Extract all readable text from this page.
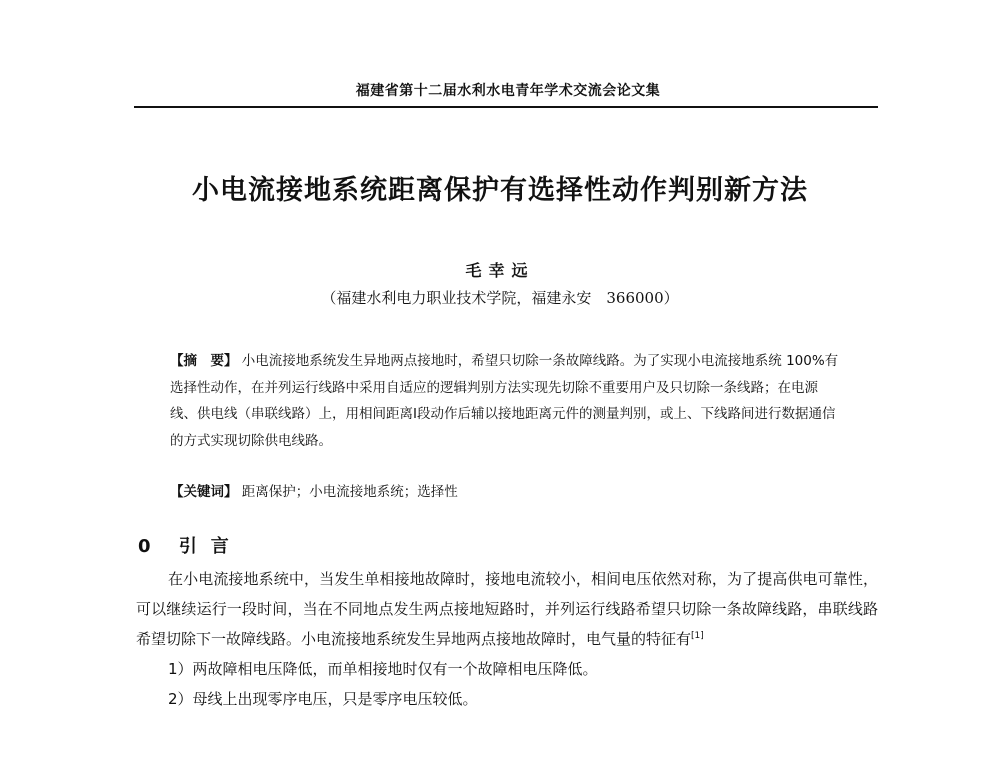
福建省第十二届水利水电青年学术交流会论文集
小电流接地系统距离保护有选择性动作判别新方法
毛幸远
（福建水利电力职业技术学院，福建永安　366000）
【摘　要】 小电流接地系统发生异地两点接地时，希望只切除一条故障线路。为了实现小电流接地系统 100%有选择性动作，在并列运行线路中采用自适应的逻辑判别方法实现先切除不重要用户及只切除一条线路；在电源线、供电线（串联线路）上，用相间距离Ⅰ段动作后辅以接地距离元件的测量判别，或上、下线路间进行数据通信的方式实现切除供电线路。
【关键词】 距离保护；小电流接地系统；选择性
0 引言

在小电流接地系统中，当发生单相接地故障时，接地电流较小，相间电压依然对称，为了提高供电可靠性，可以继续运行一段时间，当在不同地点发生两点接地短路时，并列运行线路希望只切除一条故障线路，串联线路希望切除下一故障线路。小电流接地系统发生异地两点接地故障时，电气量的特征有[1]

1）两故障相电压降低，而单相接地时仅有一个故障相电压降低。

2）母线上出现零序电压，只是零序电压较低。
